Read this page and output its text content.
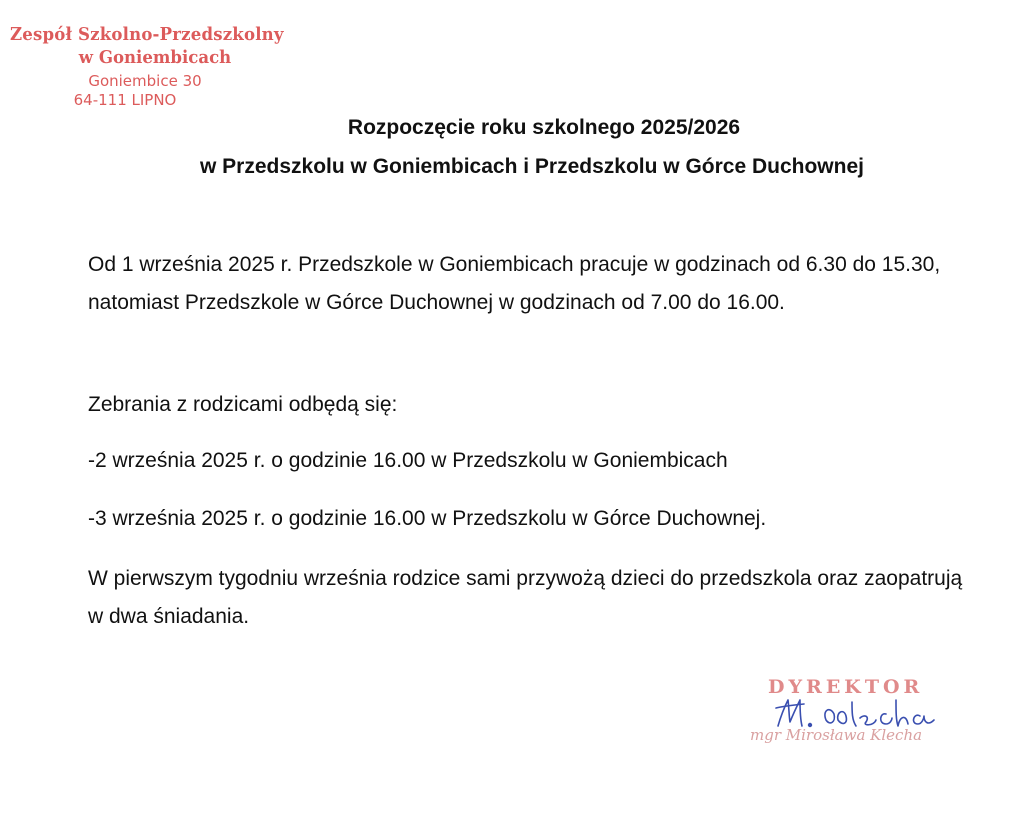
Zespół Szkolno-Przedszkolny
w Goniembicach
Goniembice 30
64-111 LIPNO
Rozpoczęcie roku szkolnego 2025/2026
w Przedszkolu w Goniembicach i Przedszkolu w Górce Duchownej
Od 1 września 2025 r. Przedszkole w Goniembicach pracuje w godzinach od 6.30 do 15.30, natomiast Przedszkole w Górce Duchownej w godzinach od 7.00 do 16.00.
Zebrania z rodzicami odbędą się:
-2 września 2025 r. o godzinie 16.00 w Przedszkolu w Goniembicach
-3 września 2025 r. o godzinie 16.00 w Przedszkolu w Górce Duchownej.
W pierwszym tygodniu września rodzice sami przywożą dzieci do przedszkola oraz zaopatrują w dwa śniadania.
DYREKTOR
mgr Mirosława Klecha
